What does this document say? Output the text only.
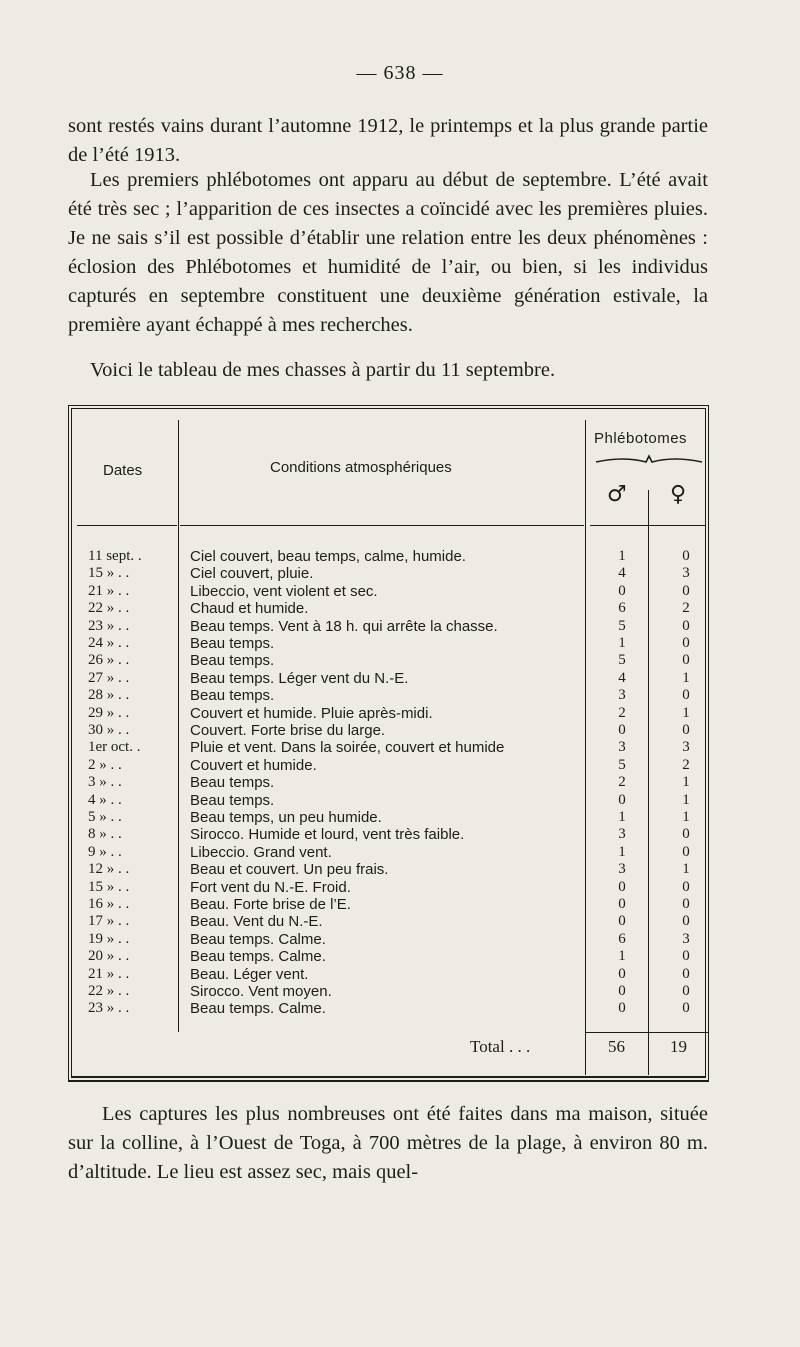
— 638 —

sont restés vains durant l’automne 1912, le printemps et la plus grande partie de l’été 1913.

Les premiers phlébotomes ont apparu au début de septembre. L’été avait été très sec ; l’apparition de ces insectes a coïncidé avec les premières pluies. Je ne sais s’il est possible d’établir une relation entre les deux phénomènes : éclosion des Phlébotomes et humidité de l’air, ou bien, si les individus capturés en septembre constituent une deuxième génération estivale, la première ayant échappé à mes recherches.

Voici le tableau de mes chasses à partir du 11 septembre.

Dates	Conditions atmosphériques
Phlébotomes
♂ ♀
11 sept. .	Ciel couvert, beau temps, calme, humide.	1	0
15 » . .	Ciel couvert, pluie.	4	3
21 » . .	Libeccio, vent violent et sec.	0	0
22 » . .	Chaud et humide.	6	2
23 » . .	Beau temps. Vent à 18 h. qui arrête la chasse.	5	0
24 » . .	Beau temps.	1	0
26 » . .	Beau temps.	5	0
27 » . .	Beau temps. Léger vent du N.-E.	4	1
28 » . .	Beau temps.	3	0
29 » . .	Couvert et humide. Pluie après-midi.	2	1
30 » . .	Couvert. Forte brise du large.	0	0
1er oct. .	Pluie et vent. Dans la soirée, couvert et humide	3	3
2 » . .	Couvert et humide.	5	2
3 » . .	Beau temps.	2	1
4 » . .	Beau temps.	0	1
5 » . .	Beau temps, un peu humide.	1	1
8 » . .	Sirocco. Humide et lourd, vent très faible.	3	0
9 » . .	Libeccio. Grand vent.	1	0
12 » . .	Beau et couvert. Un peu frais.	3	1
15 » . .	Fort vent du N.-E. Froid.	0	0
16 » . .	Beau. Forte brise de l’E.	0	0
17 » . .	Beau. Vent du N.-E.	0	0
19 » . .	Beau temps. Calme.	6	3
20 » . .	Beau temps. Calme.	1	0
21 » . .	Beau. Léger vent.	0	0
22 » . .	Sirocco. Vent moyen.	0	0
23 » . .	Beau temps. Calme.	0	0
Total . . .	56	19

Les captures les plus nombreuses ont été faites dans ma maison, située sur la colline, à l’Ouest de Toga, à 700 mètres de la plage, à environ 80 m. d’altitude. Le lieu est assez sec, mais quel-
